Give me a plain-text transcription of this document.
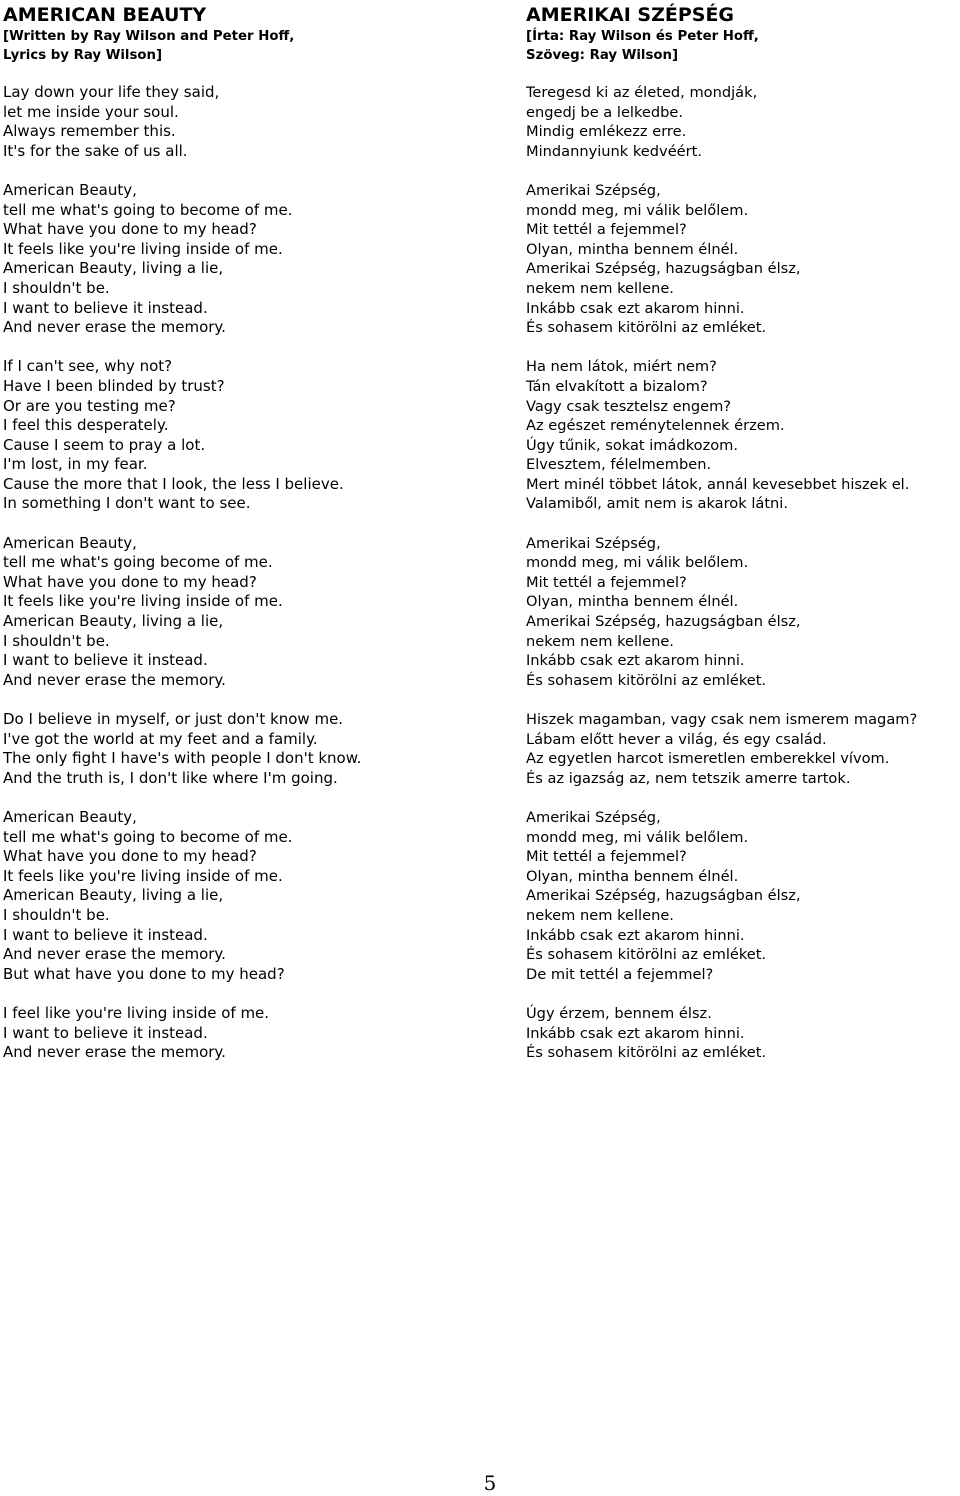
AMERICAN BEAUTY
[Written by Ray Wilson and Peter Hoff,
Lyrics by Ray Wilson]
Lay down your life they said,
let me inside your soul.
Always remember this.
It's for the sake of us all.
American Beauty,
tell me what's going to become of me.
What have you done to my head?
It feels like you're living inside of me.
American Beauty, living a lie,
I shouldn't be.
I want to believe it instead.
And never erase the memory.
If I can't see, why not?
Have I been blinded by trust?
Or are you testing me?
I feel this desperately.
Cause I seem to pray a lot.
I'm lost, in my fear.
Cause the more that I look, the less I believe.
In something I don't want to see.
American Beauty,
tell me what's going become of me.
What have you done to my head?
It feels like you're living inside of me.
American Beauty, living a lie,
I shouldn't be.
I want to believe it instead.
And never erase the memory.
Do I believe in myself, or just don't know me.
I've got the world at my feet and a family.
The only fight I have's with people I don't know.
And the truth is, I don't like where I'm going.
American Beauty,
tell me what's going to become of me.
What have you done to my head?
It feels like you're living inside of me.
American Beauty, living a lie,
I shouldn't be.
I want to believe it instead.
And never erase the memory.
But what have you done to my head?
I feel like you're living inside of me.
I want to believe it instead.
And never erase the memory.
AMERIKAI SZÉPSÉG
[Írta: Ray Wilson és Peter Hoff,
Szöveg: Ray Wilson]
Teregesd ki az életed, mondják,
engedj be a lelkedbe.
Mindig emlékezz erre.
Mindannyiunk kedvéért.
Amerikai Szépség,
mondd meg, mi válik belőlem.
Mit tettél a fejemmel?
Olyan, mintha bennem élnél.
Amerikai Szépség, hazugságban élsz,
nekem nem kellene.
Inkább csak ezt akarom hinni.
És sohasem kitörölni az emléket.
Ha nem látok, miért nem?
Tán elvakított a bizalom?
Vagy csak tesztelsz engem?
Az egészet reménytelennek érzem.
Úgy tűnik, sokat imádkozom.
Elvesztem, félelmemben.
Mert minél többet látok, annál kevesebbet hiszek el.
Valamiből, amit nem is akarok látni.
Amerikai Szépség,
mondd meg, mi válik belőlem.
Mit tettél a fejemmel?
Olyan, mintha bennem élnél.
Amerikai Szépség, hazugságban élsz,
nekem nem kellene.
Inkább csak ezt akarom hinni.
És sohasem kitörölni az emléket.
Hiszek magamban, vagy csak nem ismerem magam?
Lábam előtt hever a világ, és egy család.
Az egyetlen harcot ismeretlen emberekkel vívom.
És az igazság az, nem tetszik amerre tartok.
Amerikai Szépség,
mondd meg, mi válik belőlem.
Mit tettél a fejemmel?
Olyan, mintha bennem élnél.
Amerikai Szépség, hazugságban élsz,
nekem nem kellene.
Inkább csak ezt akarom hinni.
És sohasem kitörölni az emléket.
De mit tettél a fejemmel?
Úgy érzem, bennem élsz.
Inkább csak ezt akarom hinni.
És sohasem kitörölni az emléket.
5
